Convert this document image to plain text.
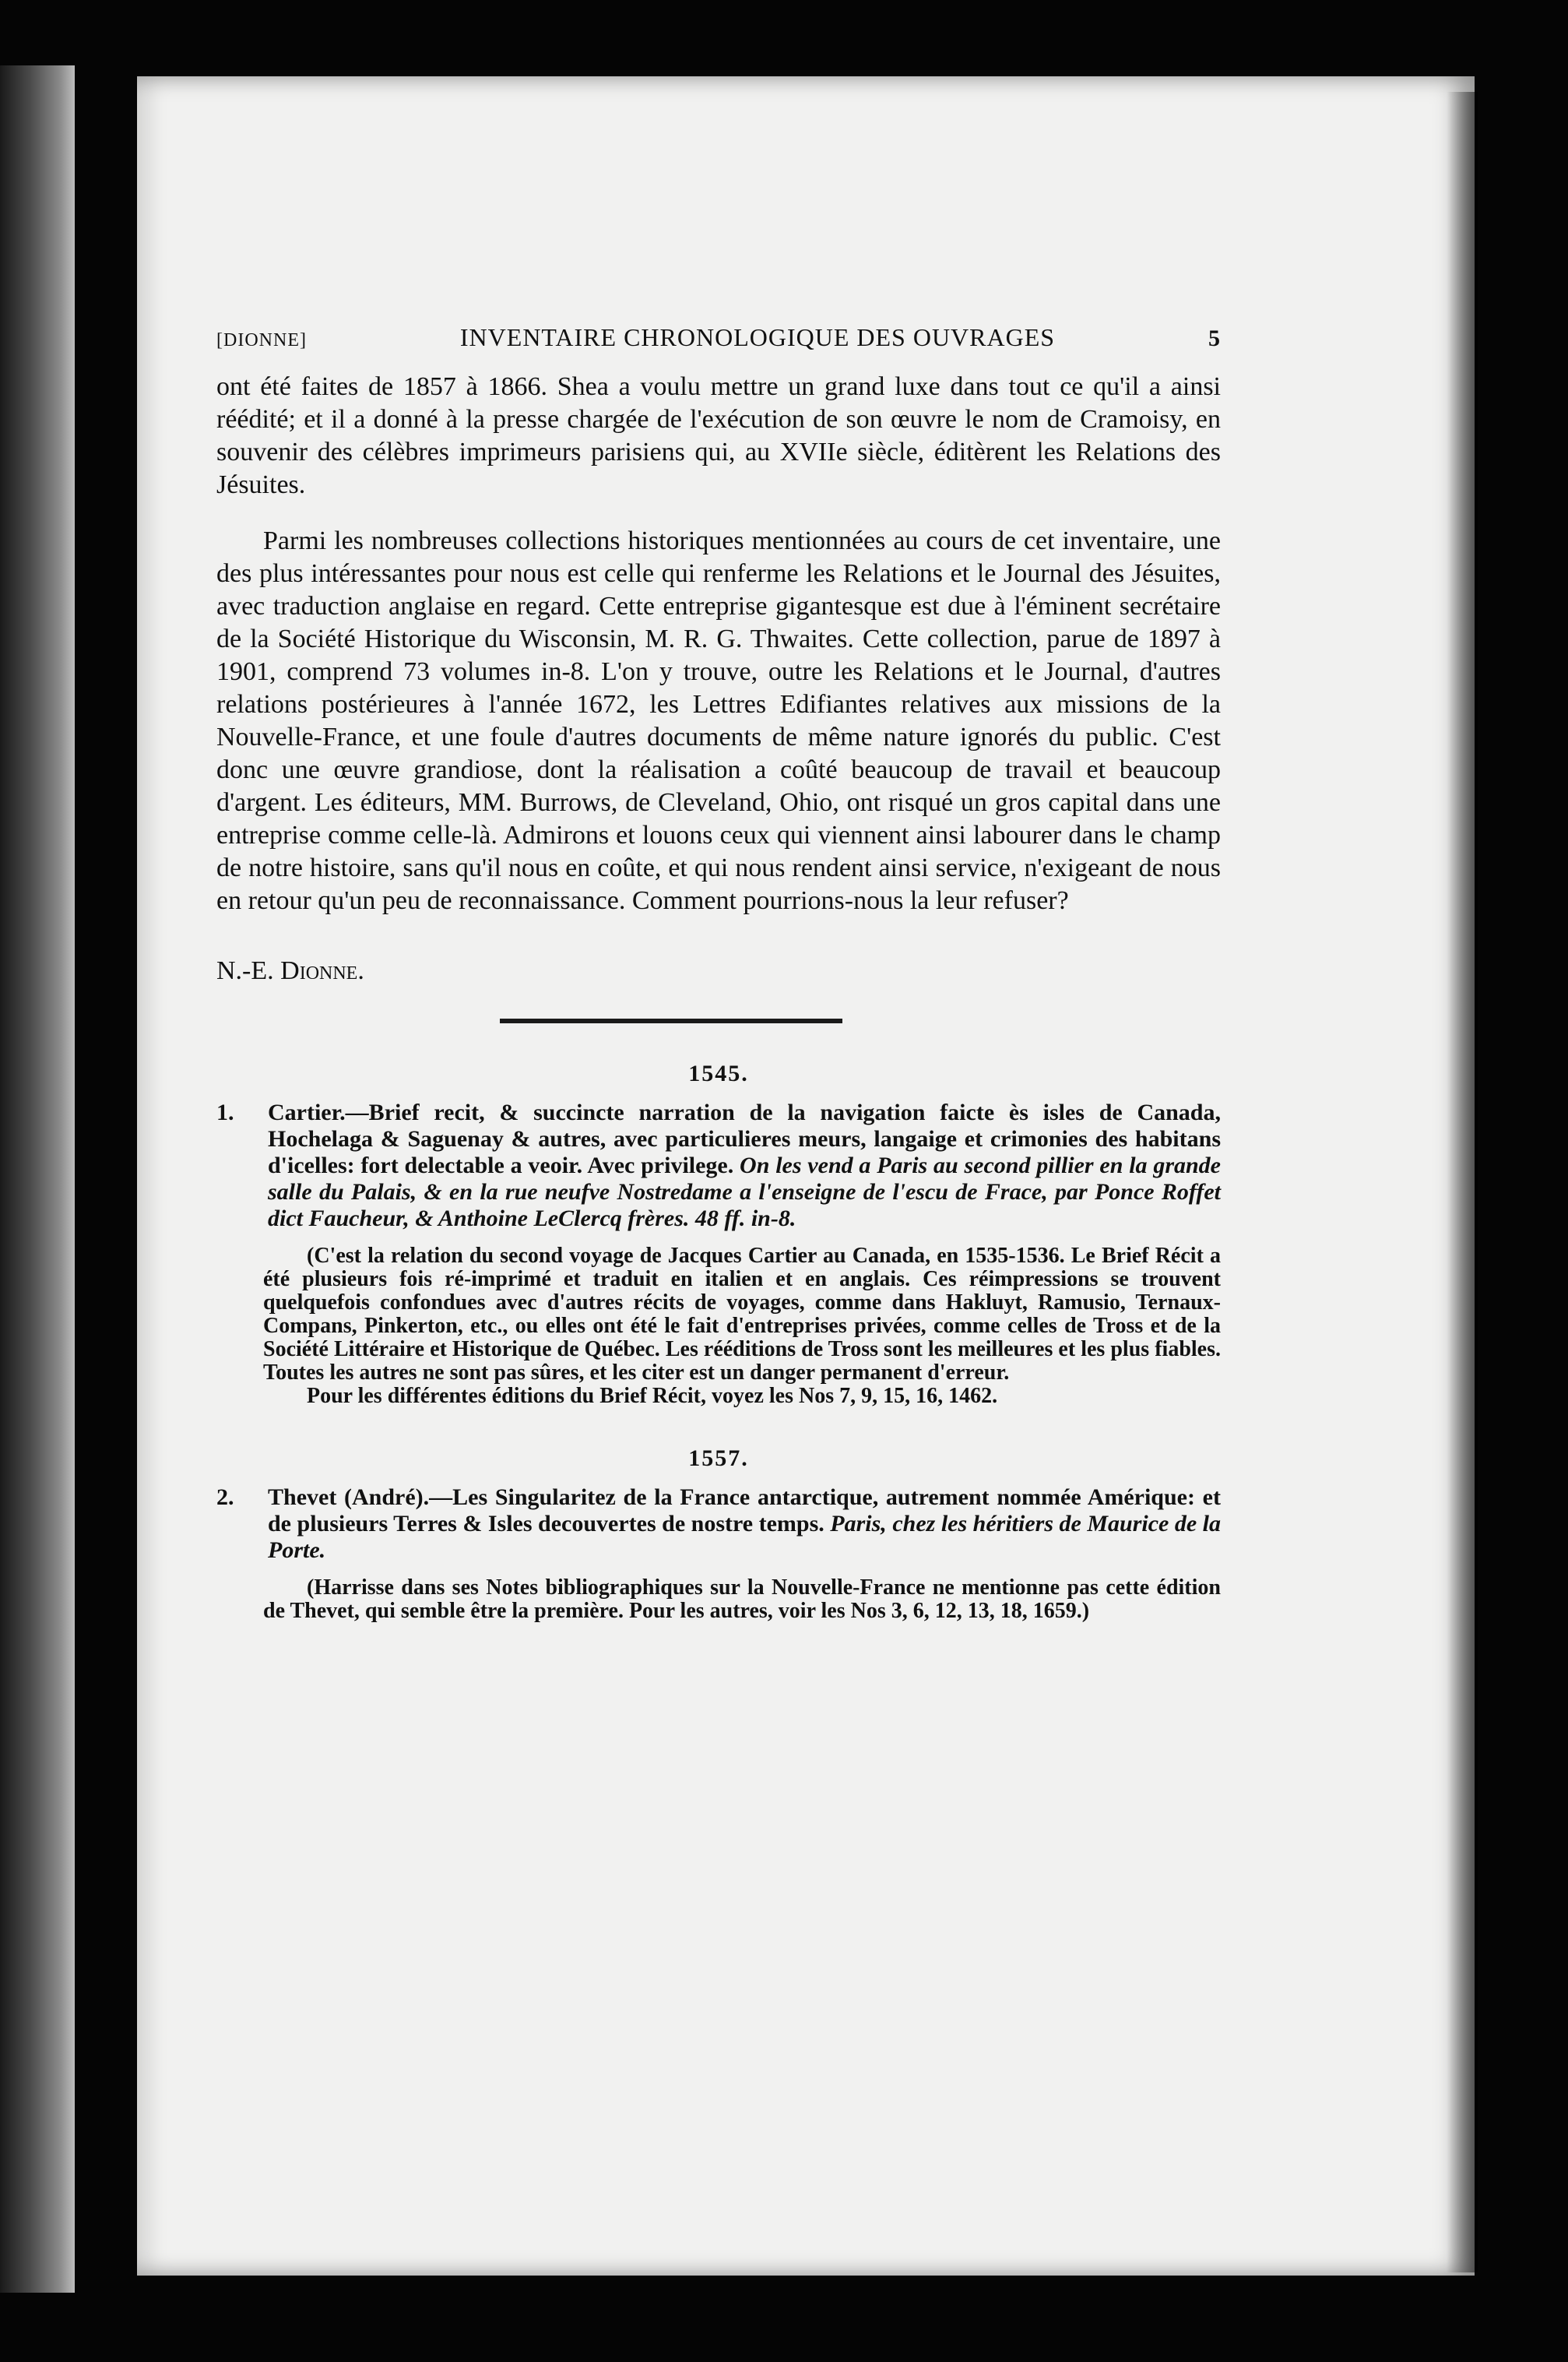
[DIONNE]	INVENTAIRE CHRONOLOGIQUE DES OUVRAGES	5

ont été faites de 1857 à 1866. Shea a voulu mettre un grand luxe dans tout ce qu'il a ainsi réédité; et il a donné à la presse chargée de l'exécution de son œuvre le nom de Cramoisy, en souvenir des célèbres imprimeurs parisiens qui, au XVIIe siècle, éditèrent les Relations des Jésuites.

Parmi les nombreuses collections historiques mentionnées au cours de cet inventaire, une des plus intéressantes pour nous est celle qui renferme les Relations et le Journal des Jésuites, avec traduction anglaise en regard. Cette entreprise gigantesque est due à l'éminent secrétaire de la Société Historique du Wisconsin, M. R. G. Thwaites. Cette collection, parue de 1897 à 1901, comprend 73 volumes in-8. L'on y trouve, outre les Relations et le Journal, d'autres relations postérieures à l'année 1672, les Lettres Edifiantes relatives aux missions de la Nouvelle-France, et une foule d'autres documents de même nature ignorés du public. C'est donc une œuvre grandiose, dont la réalisation a coûté beaucoup de travail et beaucoup d'argent. Les éditeurs, MM. Burrows, de Cleveland, Ohio, ont risqué un gros capital dans une entreprise comme celle-là. Admirons et louons ceux qui viennent ainsi labourer dans le champ de notre histoire, sans qu'il nous en coûte, et qui nous rendent ainsi service, n'exigeant de nous en retour qu'un peu de reconnaissance. Comment pourrions-nous la leur refuser?

N.-E. Dionne.

1545.
1.	Cartier.—Brief recit, & succincte narration de la navigation faicte ès isles de Canada, Hochelaga & Saguenay & autres, avec particulieres meurs, langaige et crimonies des habitans d'icelles: fort delectable a veoir. Avec privilege. On les vend a Paris au second pillier en la grande salle du Palais, & en la rue neufve Nostredame a l'enseigne de l'escu de Frace, par Ponce Roffet dict Faucheur, & Anthoine LeClercq frères. 48 ff. in-8.

(C'est la relation du second voyage de Jacques Cartier au Canada, en 1535-1536. Le Brief Récit a été plusieurs fois ré-imprimé et traduit en italien et en anglais. Ces réimpressions se trouvent quelquefois confondues avec d'autres récits de voyages, comme dans Hakluyt, Ramusio, Ternaux-Compans, Pinkerton, etc., ou elles ont été le fait d'entreprises privées, comme celles de Tross et de la Société Littéraire et Historique de Québec. Les rééditions de Tross sont les meilleures et les plus fiables. Toutes les autres ne sont pas sûres, et les citer est un danger permanent d'erreur.

Pour les différentes éditions du Brief Récit, voyez les Nos 7, 9, 15, 16, 1462.

1557.
2.	Thevet (André).—Les Singularitez de la France antarctique, autrement nommée Amérique: et de plusieurs Terres & Isles decouvertes de nostre temps. Paris, chez les héritiers de Maurice de la Porte.

(Harrisse dans ses Notes bibliographiques sur la Nouvelle-France ne mentionne pas cette édition de Thevet, qui semble être la première. Pour les autres, voir les Nos 3, 6, 12, 13, 18, 1659.)
